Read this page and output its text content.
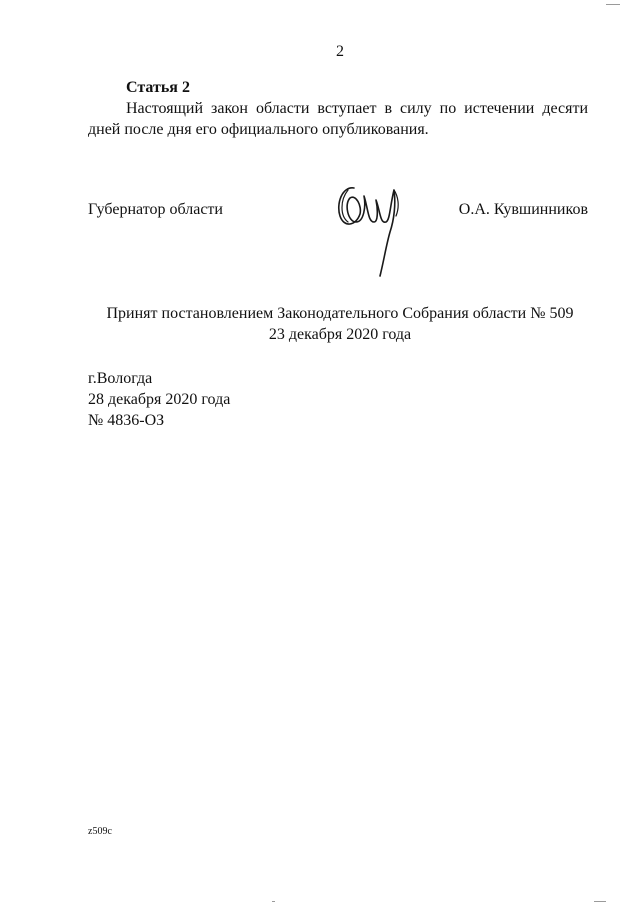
2
Статья 2
Настоящий закон области вступает в силу по истечении десяти дней после дня его официального опубликования.
Губернатор области	О.А. Кувшинников
Принят постановлением Законодательного Собрания области № 509
23 декабря 2020 года
г.Вологда
28 декабря 2020 года
№ 4836-ОЗ
z509c
